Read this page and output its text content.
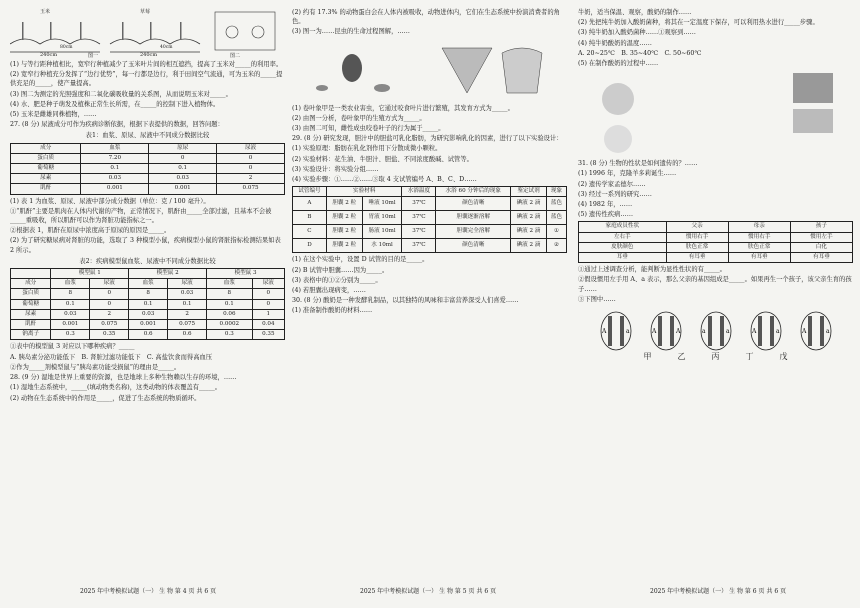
玉米	草莓
240cm	240cm
80cm	40cm
图二
图一

(1) 与等行距种植相比，宽窄行种植减少了玉米叶片间的相互遮挡，提高了玉米对_____的利用率。

(2) 宽窄行种植充分发挥了“边行优势”，每一行都是边行，利于田间空气流通，可为玉米的_____提供充足的_____，使产量提高。

(3) 图二为测定的光照强度和二氧化碳吸收量的关系图，从而说明玉米对_____。

(4) 水、肥是种子萌发及植株正常生长所需，在_____的控制下进入植物体。

(5) 玉米是雌雄同株植物，……

27. (8 分) 尿液成分可作为疾病诊断依据，根据下表提供的数据，回答问题：

表1：血浆、原尿、尿液中不同成分数据比较
成分	血浆	原尿	尿液
蛋白质	7.20	0	0
葡萄糖	0.1	0.1	0
尿素	0.03	0.03	2
肌酐	0.001	0.001	0.075

(1) 表 1 为血浆、原尿、尿液中部分成分数据（单位：克 / 100 毫升）。

①“肌酐”主要是肌肉在人体内代谢的产物，正常情况下，肌酐由_____全部过滤，且基本不会被_____重吸收，所以肌酐可以作为肾脏功能指标之一。

②根据表 1，肌酐在原尿中浓度高于原尿的原因是_____。

(2) 为了研究糖尿病对肾脏的功能，选取了 3 种模型小鼠，疾病模型小鼠的肾脏指标检测结果如表 2 所示。

表2：疾病模型鼠血浆、尿液中不同成分数据比较
	模型鼠 1		模型鼠 2		模型鼠 3	
成分	血浆	尿液	血浆	尿液	血浆	尿液
蛋白质	8	0	8	0.03	8	0
葡萄糖	0.1	0	0.1	0.1	0.1	0
尿素	0.03	2	0.03	2	0.06	1
肌酐	0.001	0.075	0.001	0.075	0.0002	0.04
钠离子	0.3	0.35	0.6	0.6	0.3	0.35

①表中的模型鼠 3 对应以下哪种疾病？_____

A. 胰岛素分泌功能低下　B. 肾脏过滤功能低下　C. 高盐饮食而得高血压

②作为_____剂模型鼠与“胰岛素功能受损鼠”的理由是_____。

28. (9 分) 湿地是世界上重要的资源，也是地球上多种生物赖以生存的环境，……

(1) 湿地生态系统中，_____(填动物类名称)，这类动物的体表覆盖有_____。

(2) 动物在生态系统中的作用是_____，促进了生态系统的物质循环。

(2) 约有 17.3% 的动物蛋白会在人体内被吸收，动物进体内，它们在生态系统中扮演消费者的角色。

(3) 图一为……昆虫的生命过程图解，……

(1) 卷叶象甲是一类农业害虫，它通过咬食叶片进行繁殖，其发育方式为_____。

(2) 由图一分析，卷叶象甲的生殖方式为_____。

(3) 由图二可知，雌性成虫咬卷叶子的行为属于_____。

29. (8 分) 研究发现，胆汁中的胆盐可乳化脂肪，为研究影响乳化的因素，进行了以下实验设计：

(1) 实验原理：脂肪在乳化剂作用下分散成微小颗粒。

(2) 实验材料：花生油、牛胆汁、胆盐、不同浓度酸碱、试管等。

(3) 实验设计：将实验分组……

(4) 实验步骤：①……②……③取 4 支试管编号 A、B、C、D……

试管编号	实验材料		水浴温度	水浴 60 分钟后的现象	鉴定试剂	现象
A	胆囊 2 粒	唾液 10ml	37℃	颜色清晰	碘液 2 滴	蓝色
B	胆囊 2 粒	胃液 10ml	37℃	胆囊逐渐溶解	碘液 2 滴	蓝色
C	胆囊 2 粒	肠液 10ml	37℃	胆囊完全溶解	碘液 2 滴	①
D	胆囊 2 粒	水 10ml	37℃	颜色清晰	碘液 2 滴	②

(1) 在这个实验中，设置 D 试管的目的是_____。

(2) B 试管中胆囊……因为_____。

(3) 表格中的①②分别为_____。

(4) 若胆囊出现病变，……

30. (8 分) 酸奶是一种发酵乳制品，以其独特的风味和丰富营养深受人们喜爱……

(1) 准备制作酸奶的材料……

牛奶，适当保温、观察，酸奶的制作……

(2) 先把纯牛奶加入酸奶菌种，将其在一定温度下保存，可以利用热水进行_____步骤。

(3) 纯牛奶加入酸奶菌种……①观察到……

(4) 纯牛奶酸奶的温度……

A. 20~25℃　B. 35~40℃　C. 50~60℃

(5) 在制作酸奶的过程中……

31. (8 分) 生物的性状是如何遗传的？……

(1) 1996 年，克隆羊多莉诞生……

(2) 遗传学家孟德尔……

(3) 经过一系列的研究……

(4) 1982 年，……

(5) 遗传性疾病……

家庭成员性状	父亲	母亲	孩子
左右手	惯用右手	惯用右手	惯用左手
皮肤颜色	肤色正常	肤色正常	白化
耳垂	有耳垂	有耳垂	有耳垂

①通过上述调查分析，能判断为显性性状的有_____。

②假设惯用左手用 A、a 表示，那么父亲的基因组成是_____。如果再生一个孩子，该父亲生育的孩子……

③下图中……

A	a	A	A	a	a	A	a	A	a
甲	乙	丙	丁	戊
2025 年中考模拟试题（一） 生 物 第 4 页 共 6 页	2025 年中考模拟试题（一） 生 物 第 5 页 共 6 页	2025 年中考模拟试题（一） 生 物 第 6 页 共 6 页
